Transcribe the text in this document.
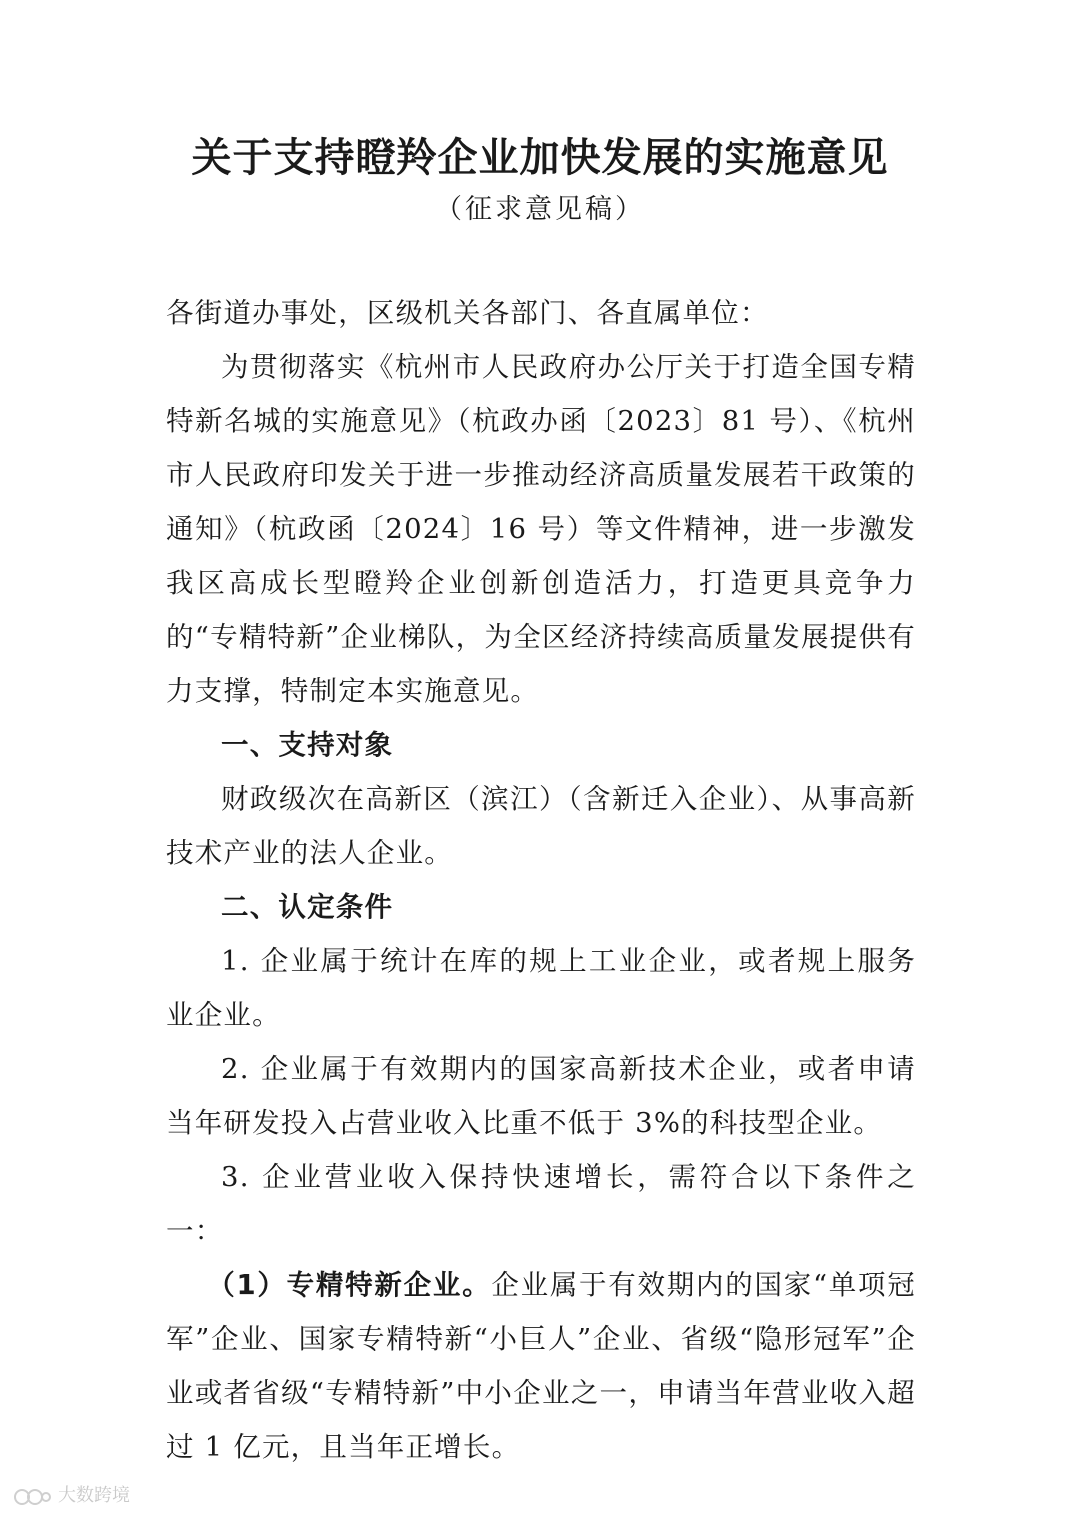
关于支持瞪羚企业加快发展的实施意见
（征求意见稿）

各街道办事处，区级机关各部门、各直属单位：

为贯彻落实《杭州市人民政府办公厅关于打造全国专精特新名城的实施意见》（杭政办函〔2023〕81 号）、《杭州市人民政府印发关于进一步推动经济高质量发展若干政策的通知》（杭政函〔2024〕16 号）等文件精神，进一步激发我区高成长型瞪羚企业创新创造活力，打造更具竞争力的“专精特新”企业梯队，为全区经济持续高质量发展提供有力支撑，特制定本实施意见。

一、支持对象

财政级次在高新区（滨江）（含新迁入企业）、从事高新技术产业的法人企业。

二、认定条件

1. 企业属于统计在库的规上工业企业，或者规上服务业企业。

2. 企业属于有效期内的国家高新技术企业，或者申请当年研发投入占营业收入比重不低于 3%的科技型企业。

3. 企业营业收入保持快速增长，需符合以下条件之一：

（1）专精特新企业。企业属于有效期内的国家“单项冠军”企业、国家专精特新“小巨人”企业、省级“隐形冠军”企业或者省级“专精特新”中小企业之一，申请当年营业收入超过 1 亿元，且当年正增长。

大数跨境
